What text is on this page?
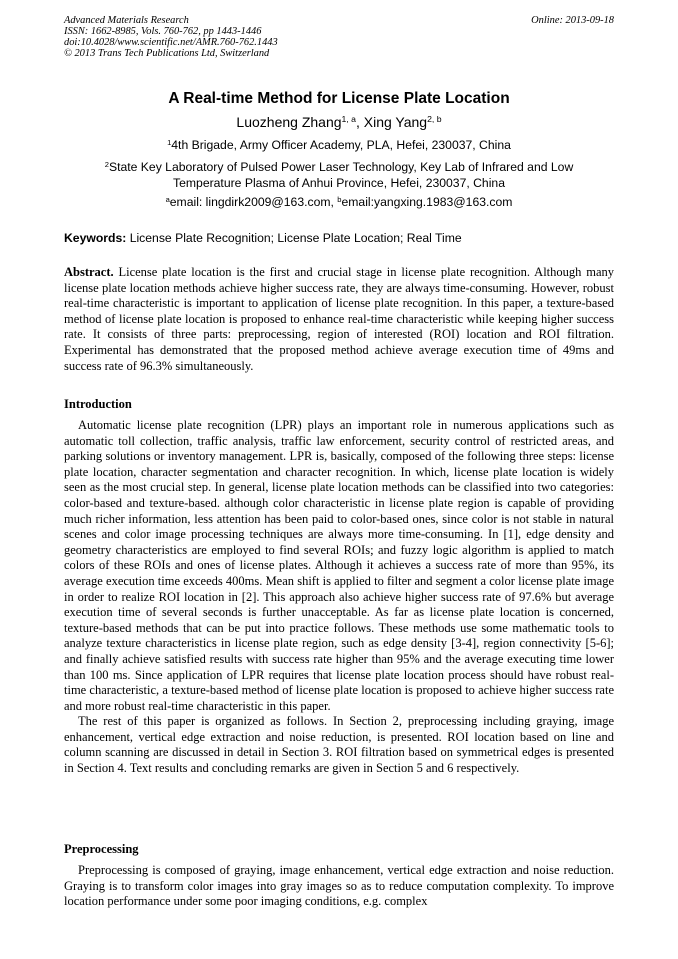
Advanced Materials Research
ISSN: 1662-8985, Vols. 760-762, pp 1443-1446
doi:10.4028/www.scientific.net/AMR.760-762.1443
© 2013 Trans Tech Publications Ltd, Switzerland
Online: 2013-09-18
A Real-time Method for License Plate Location
Luozheng Zhang$^{1, a}$, Xing Yang$^{2, b}$
$^1$4th Brigade, Army Officer Academy, PLA, Hefei, 230037, China
$^2$State Key Laboratory of Pulsed Power Laser Technology, Key Lab of Infrared and Low
Temperature Plasma of Anhui Province, Hefei, 230037, China
$^a$email: lingdirk2009@163.com, $^b$email:yangxing.1983@163.com
Keywords: License Plate Recognition; License Plate Location; Real Time
Abstract. License plate location is the first and crucial stage in license plate recognition. Although many license plate location methods achieve higher success rate, they are always time-consuming. However, robust real-time characteristic is important to application of license plate recognition. In this paper, a texture-based method of license plate location is proposed to enhance real-time characteristic while keeping higher success rate. It consists of three parts: preprocessing, region of interested (ROI) location and ROI filtration. Experimental has demonstrated that the proposed method achieve average execution time of 49ms and success rate of 96.3% simultaneously.
Introduction

Automatic license plate recognition (LPR) plays an important role in numerous applications such as automatic toll collection, traffic analysis, traffic law enforcement, security control of restricted areas, and parking solutions or inventory management. LPR is, basically, composed of the following three steps: license plate location, character segmentation and character recognition. In which, license plate location is widely seen as the most crucial step. In general, license plate location methods can be classified into two categories: color-based and texture-based. although color characteristic in license plate region is capable of providing much richer information, less attention has been paid to color-based ones, since color is not stable in natural scenes and color image processing techniques are always more time-consuming. In [1], edge density and geometry characteristics are employed to find several ROIs; and fuzzy logic algorithm is applied to match colors of these ROIs and ones of license plates. Although it achieves a success rate of more than 95%, its average execution time exceeds 400ms. Mean shift is applied to filter and segment a color license plate image in order to realize ROI location in [2]. This approach also achieve higher success rate of 97.6% but average execution time of several seconds is further unacceptable. As far as license plate location is concerned, texture-based methods that can be put into practice follows. These methods use some mathematic tools to analyze texture characteristics in license plate region, such as edge density [3-4], region connectivity [5-6]; and finally achieve satisfied results with success rate higher than 95% and the average executing time lower than 100 ms. Since application of LPR requires that license plate location process should have robust real-time characteristic, a texture-based method of license plate location is proposed to achieve higher success rate and more robust real-time characteristic in this paper.

The rest of this paper is organized as follows. In Section 2, preprocessing including graying, image enhancement, vertical edge extraction and noise reduction, is presented. ROI location based on line and column scanning are discussed in detail in Section 3. ROI filtration based on symmetrical edges is presented in Section 4. Text results and concluding remarks are given in Section 5 and 6 respectively.

Preprocessing

Preprocessing is composed of graying, image enhancement, vertical edge extraction and noise reduction. Graying is to transform color images into gray images so as to reduce computation complexity. To improve location performance under some poor imaging conditions, e.g. complex
